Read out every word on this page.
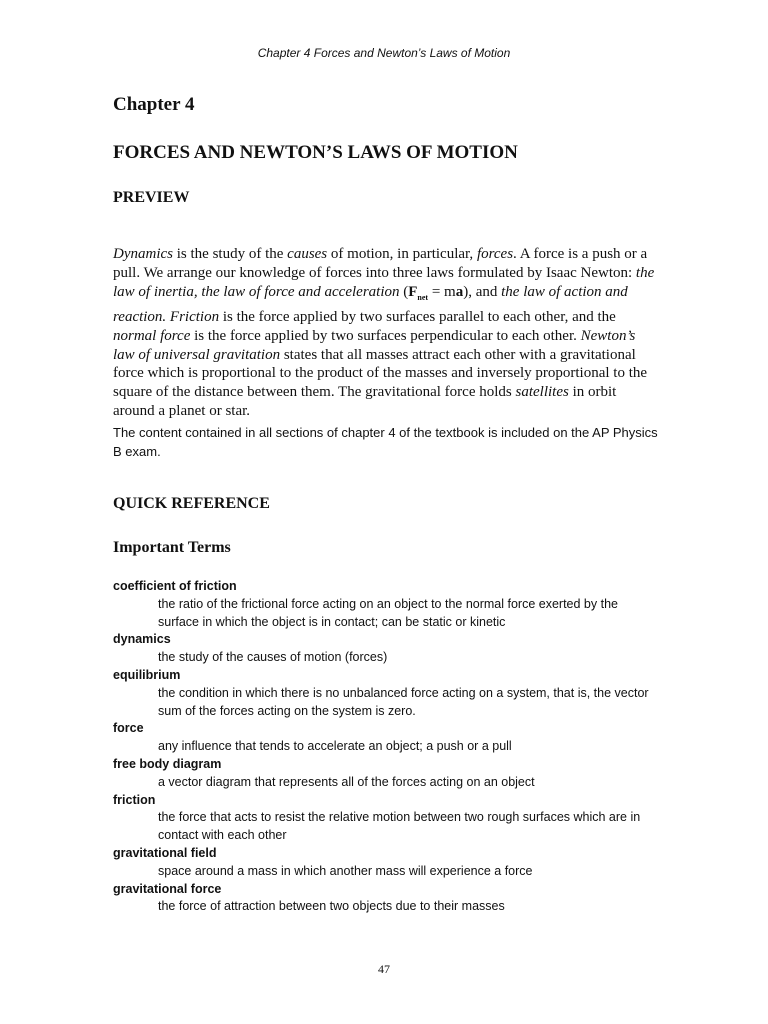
Chapter 4 Forces and Newton’s Laws of Motion
Chapter 4
FORCES AND NEWTON’S LAWS OF MOTION
PREVIEW

Dynamics is the study of the causes of motion, in particular, forces. A force is a push or a pull. We arrange our knowledge of forces into three laws formulated by Isaac Newton: the law of inertia, the law of force and acceleration $(F_{net} = ma)$, and the law of action and reaction. Friction is the force applied by two surfaces parallel to each other, and the normal force is the force applied by two surfaces perpendicular to each other. Newton’s law of universal gravitation states that all masses attract each other with a gravitational force which is proportional to the product of the masses and inversely proportional to the square of the distance between them. The gravitational force holds satellites in orbit around a planet or star.

The content contained in all sections of chapter 4 of the textbook is included on the AP Physics B exam.

QUICK REFERENCE
Important Terms
coefficient of friction
the ratio of the frictional force acting on an object to the normal force exerted by the surface in which the object is in contact; can be static or kinetic
dynamics
the study of the causes of motion (forces)
equilibrium
the condition in which there is no unbalanced force acting on a system, that is, the vector sum of the forces acting on the system is zero.
force
any influence that tends to accelerate an object; a push or a pull
free body diagram
a vector diagram that represents all of the forces acting on an object
friction
the force that acts to resist the relative motion between two rough surfaces which are in contact with each other
gravitational field
space around a mass in which another mass will experience a force
gravitational force
the force of attraction between two objects due to their masses
47
